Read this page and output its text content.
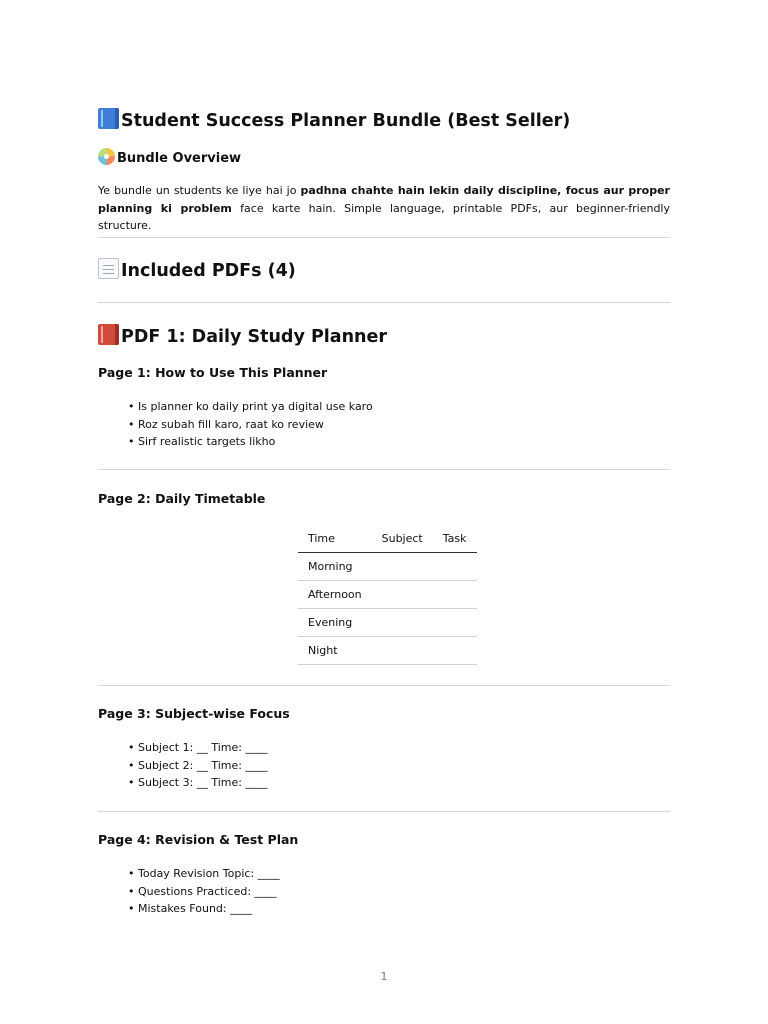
Student Success Planner Bundle (Best Seller)
Bundle Overview

Ye bundle un students ke liye hai jo padhna chahte hain lekin daily discipline, focus aur proper planning ki problem face karte hain. Simple language, printable PDFs, aur beginner-friendly structure.

Included PDFs (4)
PDF 1: Daily Study Planner
Page 1: How to Use This Planner
• Is planner ko daily print ya digital use karo
• Roz subah fill karo, raat ko review
• Sirf realistic targets likho
Page 2: Daily Timetable
Time	Subject	Task
Morning		
Afternoon		
Evening		
Night		
Page 3: Subject-wise Focus
• Subject 1: __ Time: ____
• Subject 2: __ Time: ____
• Subject 3: __ Time: ____
Page 4: Revision & Test Plan
• Today Revision Topic: ____
• Questions Practiced: ____
• Mistakes Found: ____
1
